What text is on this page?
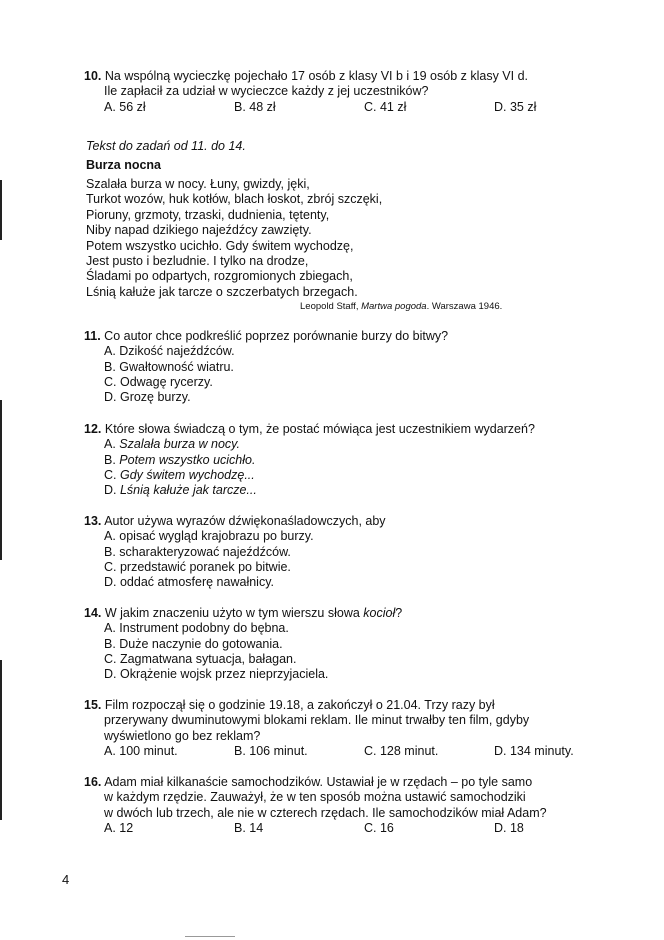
10. Na wspólną wycieczkę pojechało 17 osób z klasy VI b i 19 osób z klasy VI d.
Ile zapłacił za udział w wycieczce każdy z jej uczestników?
A. 56 zł	B. 48 zł	C. 41 zł	D. 35 zł
Tekst do zadań od 11. do 14.
Burza nocna
Szalała burza w nocy. Łuny, gwizdy, jęki,
Turkot wozów, huk kotłów, blach łoskot, zbrój szczęki,
Pioruny, grzmoty, trzaski, dudnienia, tętenty,
Niby napad dzikiego najeźdźcy zawzięty.
Potem wszystko ucichło. Gdy świtem wychodzę,
Jest pusto i bezludnie. I tylko na drodze,
Śladami po odpartych, rozgromionych zbiegach,
Lśnią kałuże jak tarcze o szczerbatych brzegach.
Leopold Staff, Martwa pogoda. Warszawa 1946.
11. Co autor chce podkreślić poprzez porównanie burzy do bitwy?
A. Dzikość najeźdźców.
B. Gwałtowność wiatru.
C. Odwagę rycerzy.
D. Grozę burzy.
12. Które słowa świadczą o tym, że postać mówiąca jest uczestnikiem wydarzeń?
A. Szalała burza w nocy.
B. Potem wszystko ucichło.
C. Gdy świtem wychodzę...
D. Lśnią kałuże jak tarcze...
13. Autor używa wyrazów dźwiękonaśladowczych, aby
A. opisać wygląd krajobrazu po burzy.
B. scharakteryzować najeźdźców.
C. przedstawić poranek po bitwie.
D. oddać atmosferę nawałnicy.
14. W jakim znaczeniu użyto w tym wierszu słowa kocioł?
A. Instrument podobny do bębna.
B. Duże naczynie do gotowania.
C. Zagmatwana sytuacja, bałagan.
D. Okrążenie wojsk przez nieprzyjaciela.
15. Film rozpoczął się o godzinie 19.18, a zakończył o 21.04. Trzy razy był
przerywany dwuminutowymi blokami reklam. Ile minut trwałby ten film, gdyby
wyświetlono go bez reklam?
A. 100 minut.	B. 106 minut.	C. 128 minut.	D. 134 minuty.
16. Adam miał kilkanaście samochodzików. Ustawiał je w rzędach – po tyle samo
w każdym rzędzie. Zauważył, że w ten sposób można ustawić samochodziki
w dwóch lub trzech, ale nie w czterech rzędach. Ile samochodzików miał Adam?
A. 12	B. 14	C. 16	D. 18
4
